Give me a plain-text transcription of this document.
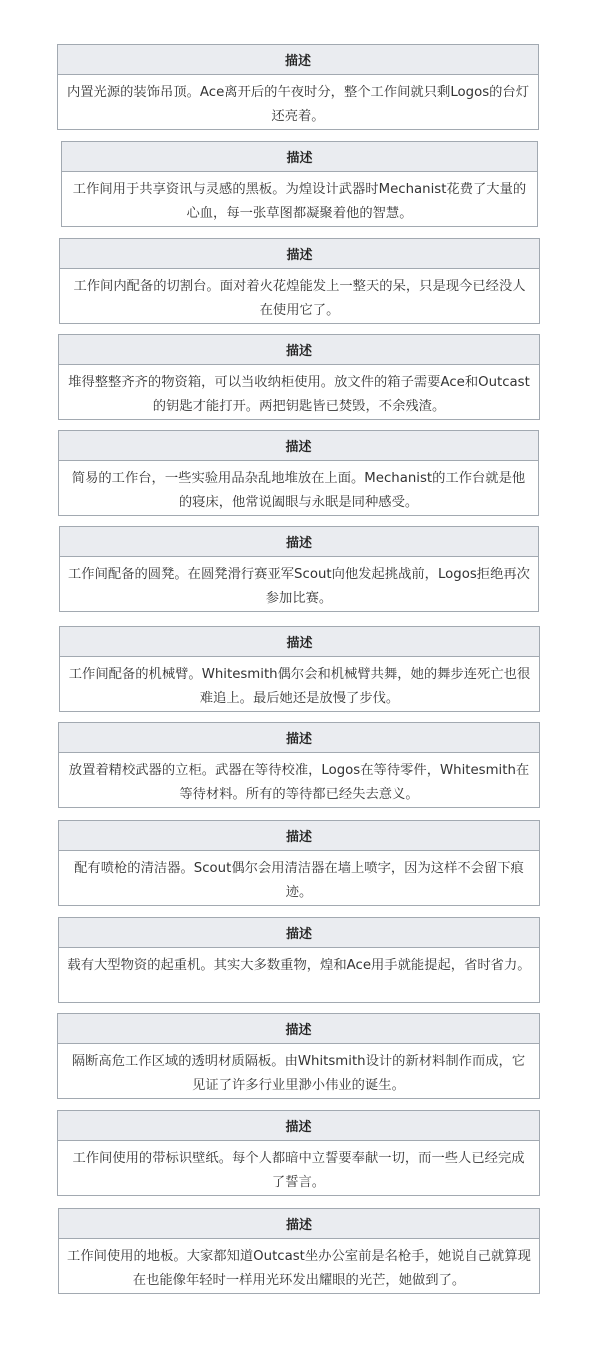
描述
内置光源的装饰吊顶。Ace离开后的午夜时分，整个工作间就只剩Logos的台灯还亮着。
描述
工作间用于共享资讯与灵感的黑板。为煌设计武器时Mechanist花费了大量的心血，每一张草图都凝聚着他的智慧。
描述
工作间内配备的切割台。面对着火花煌能发上一整天的呆，只是现今已经没人在使用它了。
描述
堆得整整齐齐的物资箱，可以当收纳柜使用。放文件的箱子需要Ace和Outcast的钥匙才能打开。两把钥匙皆已焚毁，不余残渣。
描述
简易的工作台，一些实验用品杂乱地堆放在上面。Mechanist的工作台就是他的寝床，他常说阖眼与永眠是同种感受。
描述
工作间配备的圆凳。在圆凳滑行赛亚军Scout向他发起挑战前，Logos拒绝再次参加比赛。
描述
工作间配备的机械臂。Whitesmith偶尔会和机械臂共舞，她的舞步连死亡也很难追上。最后她还是放慢了步伐。
描述
放置着精校武器的立柜。武器在等待校准，Logos在等待零件，Whitesmith在等待材料。所有的等待都已经失去意义。
描述
配有喷枪的清洁器。Scout偶尔会用清洁器在墙上喷字，因为这样不会留下痕迹。
描述
载有大型物资的起重机。其实大多数重物，煌和Ace用手就能提起，省时省力。
描述
隔断高危工作区域的透明材质隔板。由Whitsmith设计的新材料制作而成，它见证了许多行业里渺小伟业的诞生。
描述
工作间使用的带标识壁纸。每个人都暗中立誓要奉献一切，而一些人已经完成了誓言。
描述
工作间使用的地板。大家都知道Outcast坐办公室前是名枪手，她说自己就算现在也能像年轻时一样用光环发出耀眼的光芒，她做到了。
